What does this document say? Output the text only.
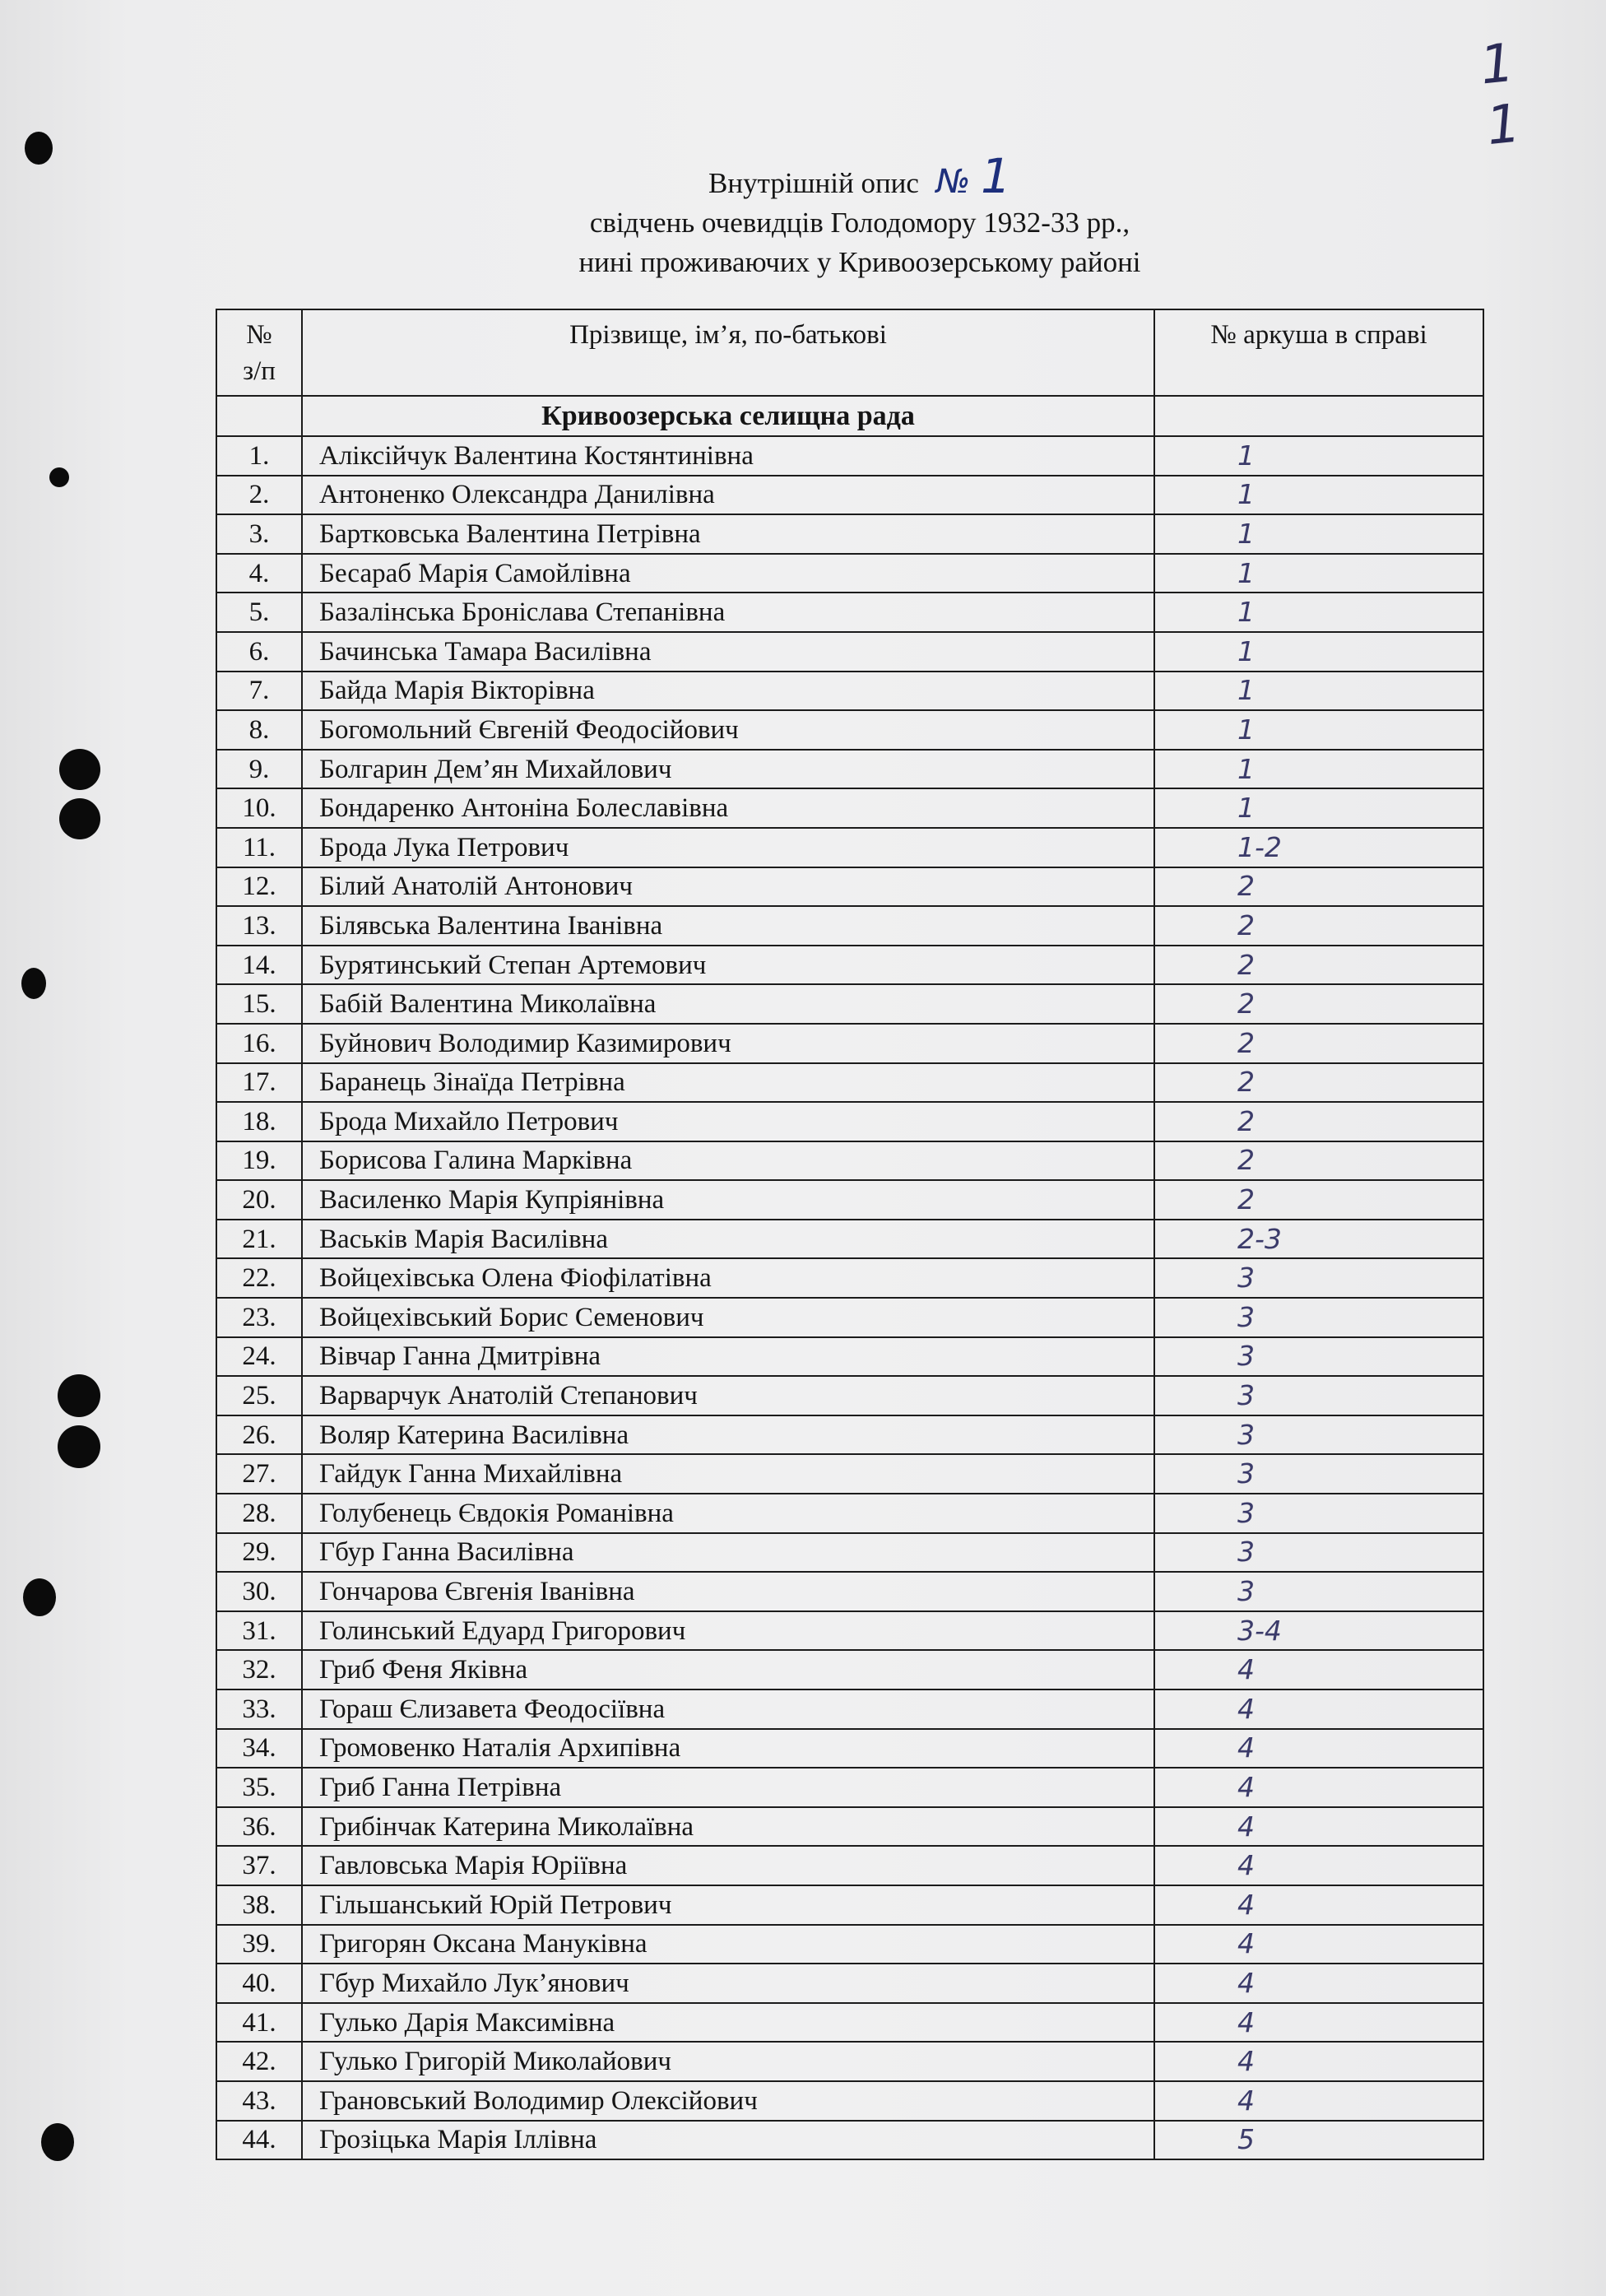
1 1
Внутрішній опис № 1
свідчень очевидців Голодомору 1932-33 рр.,
нині проживаючих у Кривоозерському районі
№
з/п	Прізвище, ім’я, по-батькові	№ аркуша в справі
	Кривоозерська селищна рада	
1.	Аліксійчук Валентина Костянтинівна	1
2.	Антоненко Олександра Данилівна	1
3.	Бартковська Валентина Петрівна	1
4.	Бесараб Марія Самойлівна	1
5.	Базалінська Броніслава Степанівна	1
6.	Бачинська Тамара Василівна	1
7.	Байда Марія Вікторівна	1
8.	Богомольний Євгеній Феодосійович	1
9.	Болгарин Дем’ян Михайлович	1
10.	Бондаренко Антоніна Болеславівна	1
11.	Брода Лука Петрович	1-2
12.	Білий Анатолій Антонович	2
13.	Білявська Валентина Іванівна	2
14.	Бурятинський Степан Артемович	2
15.	Бабій Валентина Миколаївна	2
16.	Буйнович Володимир Казимирович	2
17.	Баранець Зінаїда Петрівна	2
18.	Брода Михайло Петрович	2
19.	Борисова Галина Марківна	2
20.	Василенко Марія Купріянівна	2
21.	Васьків Марія Василівна	2-3
22.	Войцехівська Олена Фіофілатівна	3
23.	Войцехівський Борис Семенович	3
24.	Вівчар Ганна Дмитрівна	3
25.	Варварчук Анатолій Степанович	3
26.	Воляр Катерина Василівна	3
27.	Гайдук Ганна Михайлівна	3
28.	Голубенець Євдокія Романівна	3
29.	Гбур Ганна Василівна	3
30.	Гончарова Євгенія Іванівна	3
31.	Голинський Едуард Григорович	3-4
32.	Гриб Феня Яківна	4
33.	Гораш Єлизавета Феодосіївна	4
34.	Громовенко Наталія Архипівна	4
35.	Гриб Ганна Петрівна	4
36.	Грибінчак Катерина Миколаївна	4
37.	Гавловська Марія Юріївна	4
38.	Гільшанський Юрій Петрович	4
39.	Григорян Оксана Мануківна	4
40.	Гбур Михайло Лук’янович	4
41.	Гулько Дарія Максимівна	4
42.	Гулько Григорій Миколайович	4
43.	Грановський Володимир Олексійович	4
44.	Грозіцька Марія Іллівна	5
